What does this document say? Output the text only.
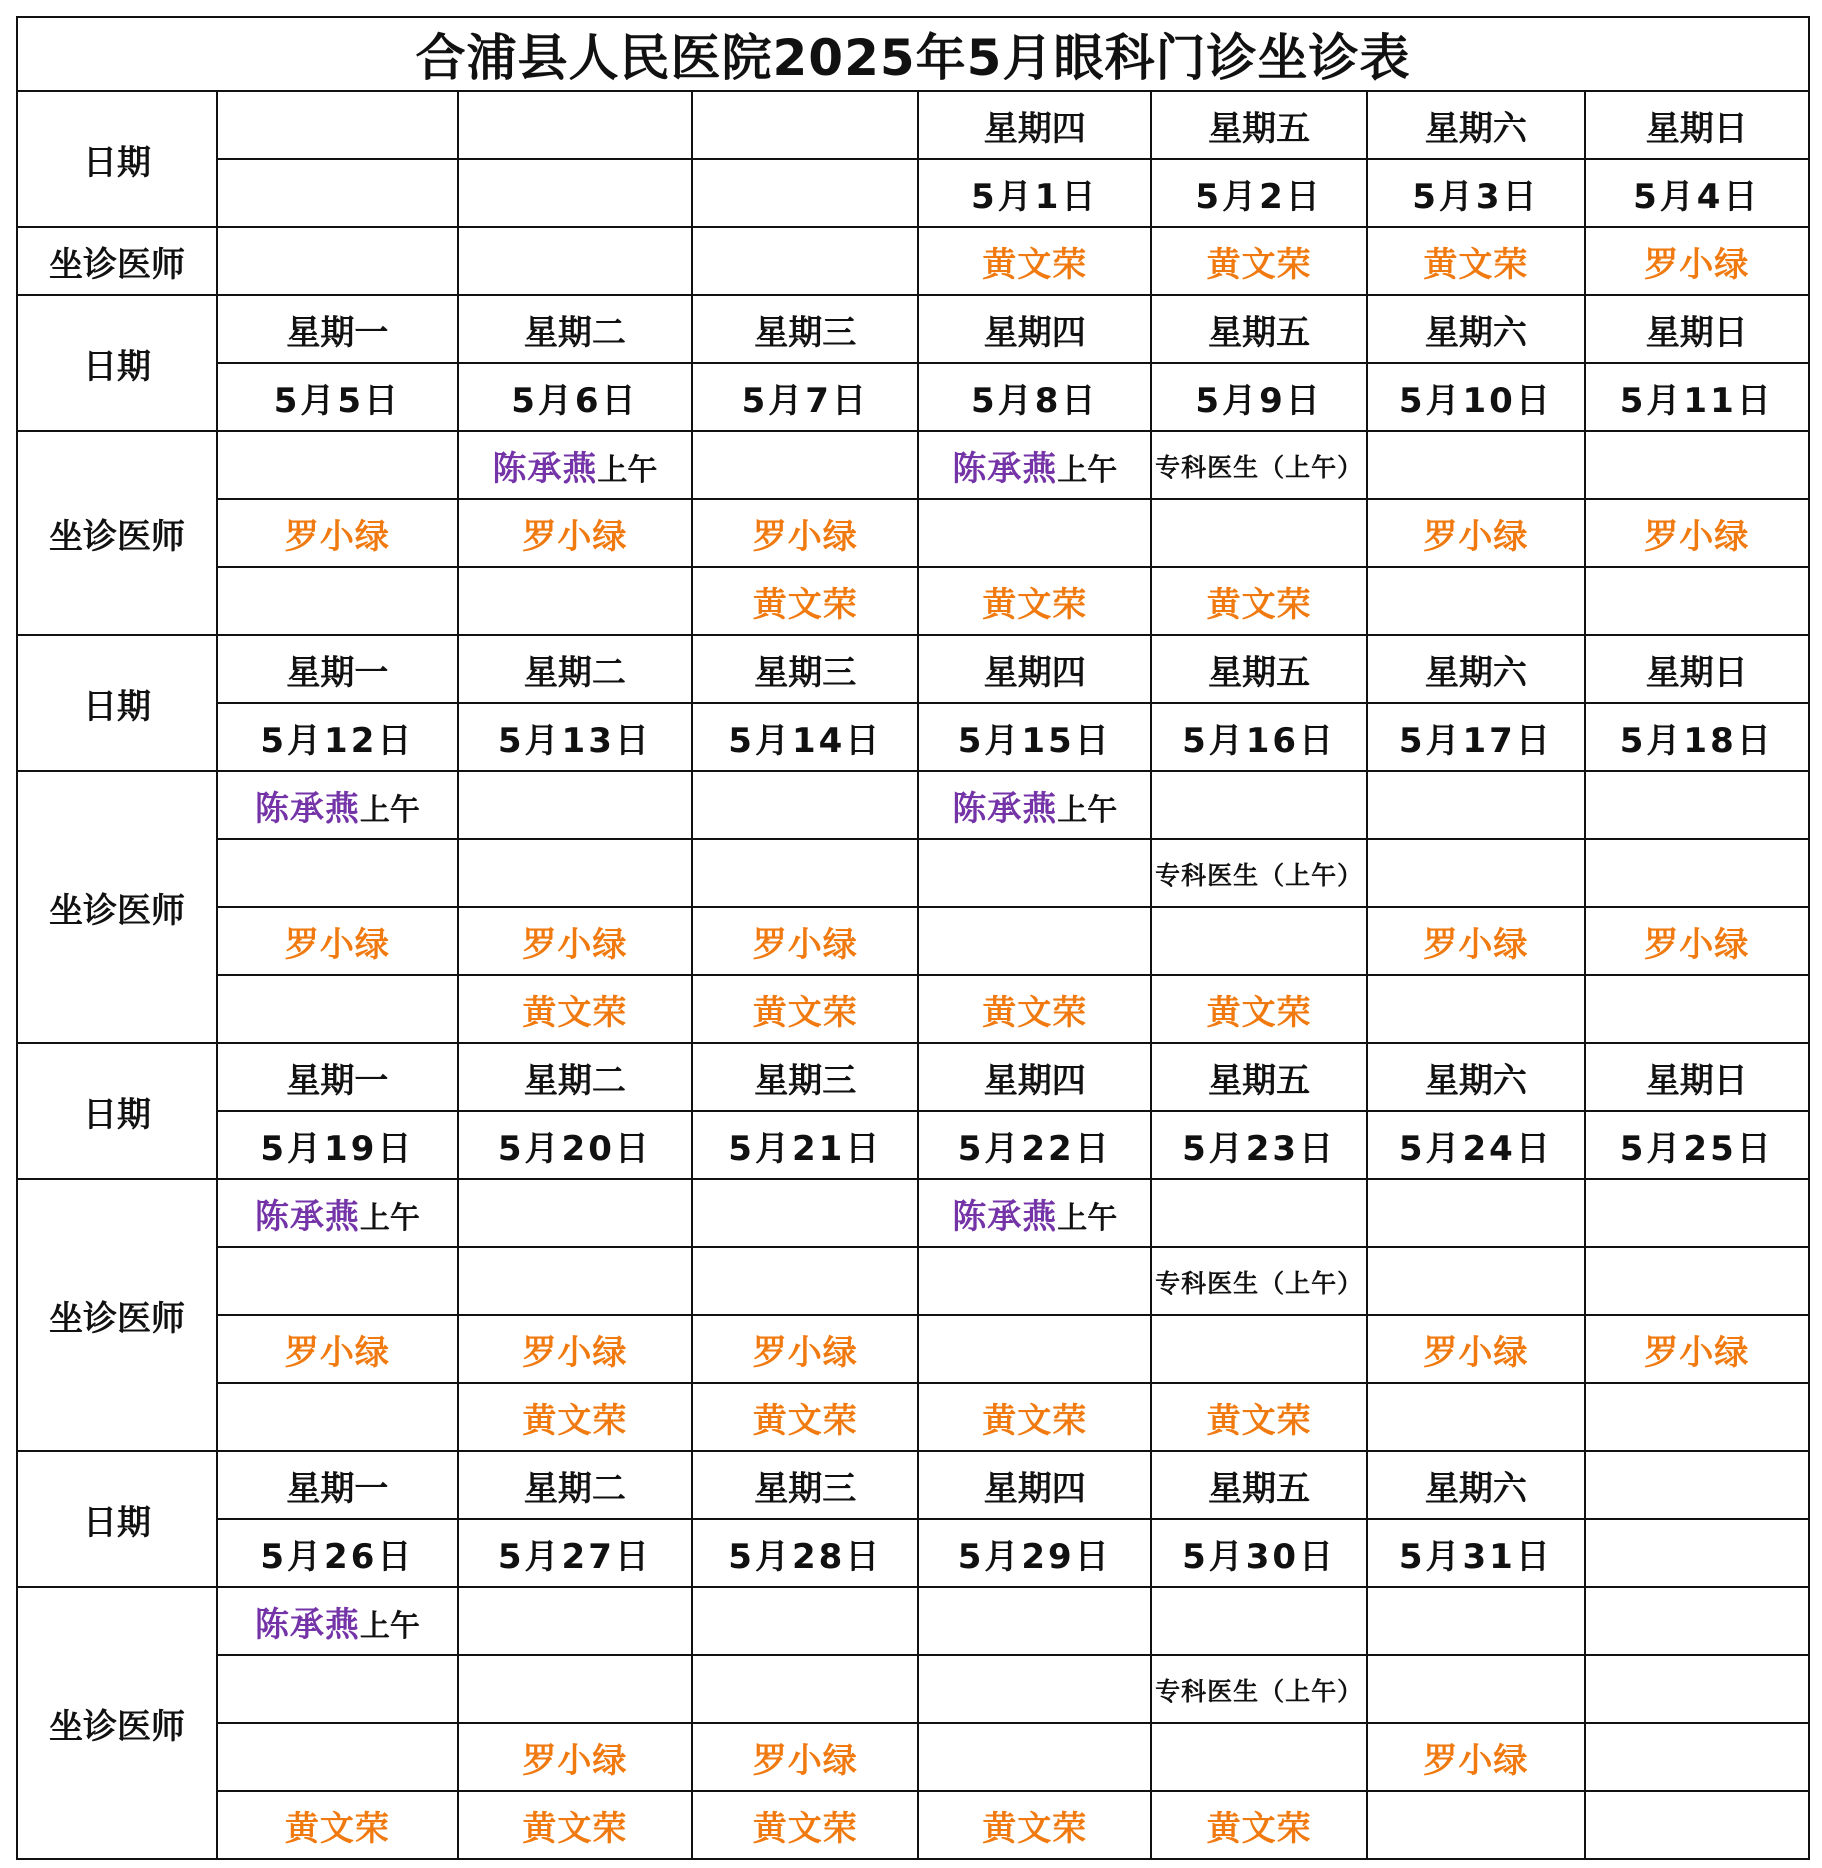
合浦县人民医院2025年5月眼科门诊坐诊表							
日期				星期四	星期五	星期六	星期日
				5月1日	5月2日	5月3日	5月4日
坐诊医师				黄文荣	黄文荣	黄文荣	罗小绿
日期	星期一	星期二	星期三	星期四	星期五	星期六	星期日
	5月5日	5月6日	5月7日	5月8日	5月9日	5月10日	5月11日
坐诊医师		陈承燕上午		陈承燕上午	专科医生（上午）		
	罗小绿	罗小绿	罗小绿			罗小绿	罗小绿
			黄文荣	黄文荣	黄文荣		
日期	星期一	星期二	星期三	星期四	星期五	星期六	星期日
	5月12日	5月13日	5月14日	5月15日	5月16日	5月17日	5月18日
坐诊医师	陈承燕上午			陈承燕上午			
					专科医生（上午）		
	罗小绿	罗小绿	罗小绿			罗小绿	罗小绿
		黄文荣	黄文荣	黄文荣	黄文荣		
日期	星期一	星期二	星期三	星期四	星期五	星期六	星期日
	5月19日	5月20日	5月21日	5月22日	5月23日	5月24日	5月25日
坐诊医师	陈承燕上午			陈承燕上午			
					专科医生（上午）		
	罗小绿	罗小绿	罗小绿			罗小绿	罗小绿
		黄文荣	黄文荣	黄文荣	黄文荣		
日期	星期一	星期二	星期三	星期四	星期五	星期六	
	5月26日	5月27日	5月28日	5月29日	5月30日	5月31日	
坐诊医师	陈承燕上午						
					专科医生（上午）		
		罗小绿	罗小绿			罗小绿	
	黄文荣	黄文荣	黄文荣	黄文荣	黄文荣		
